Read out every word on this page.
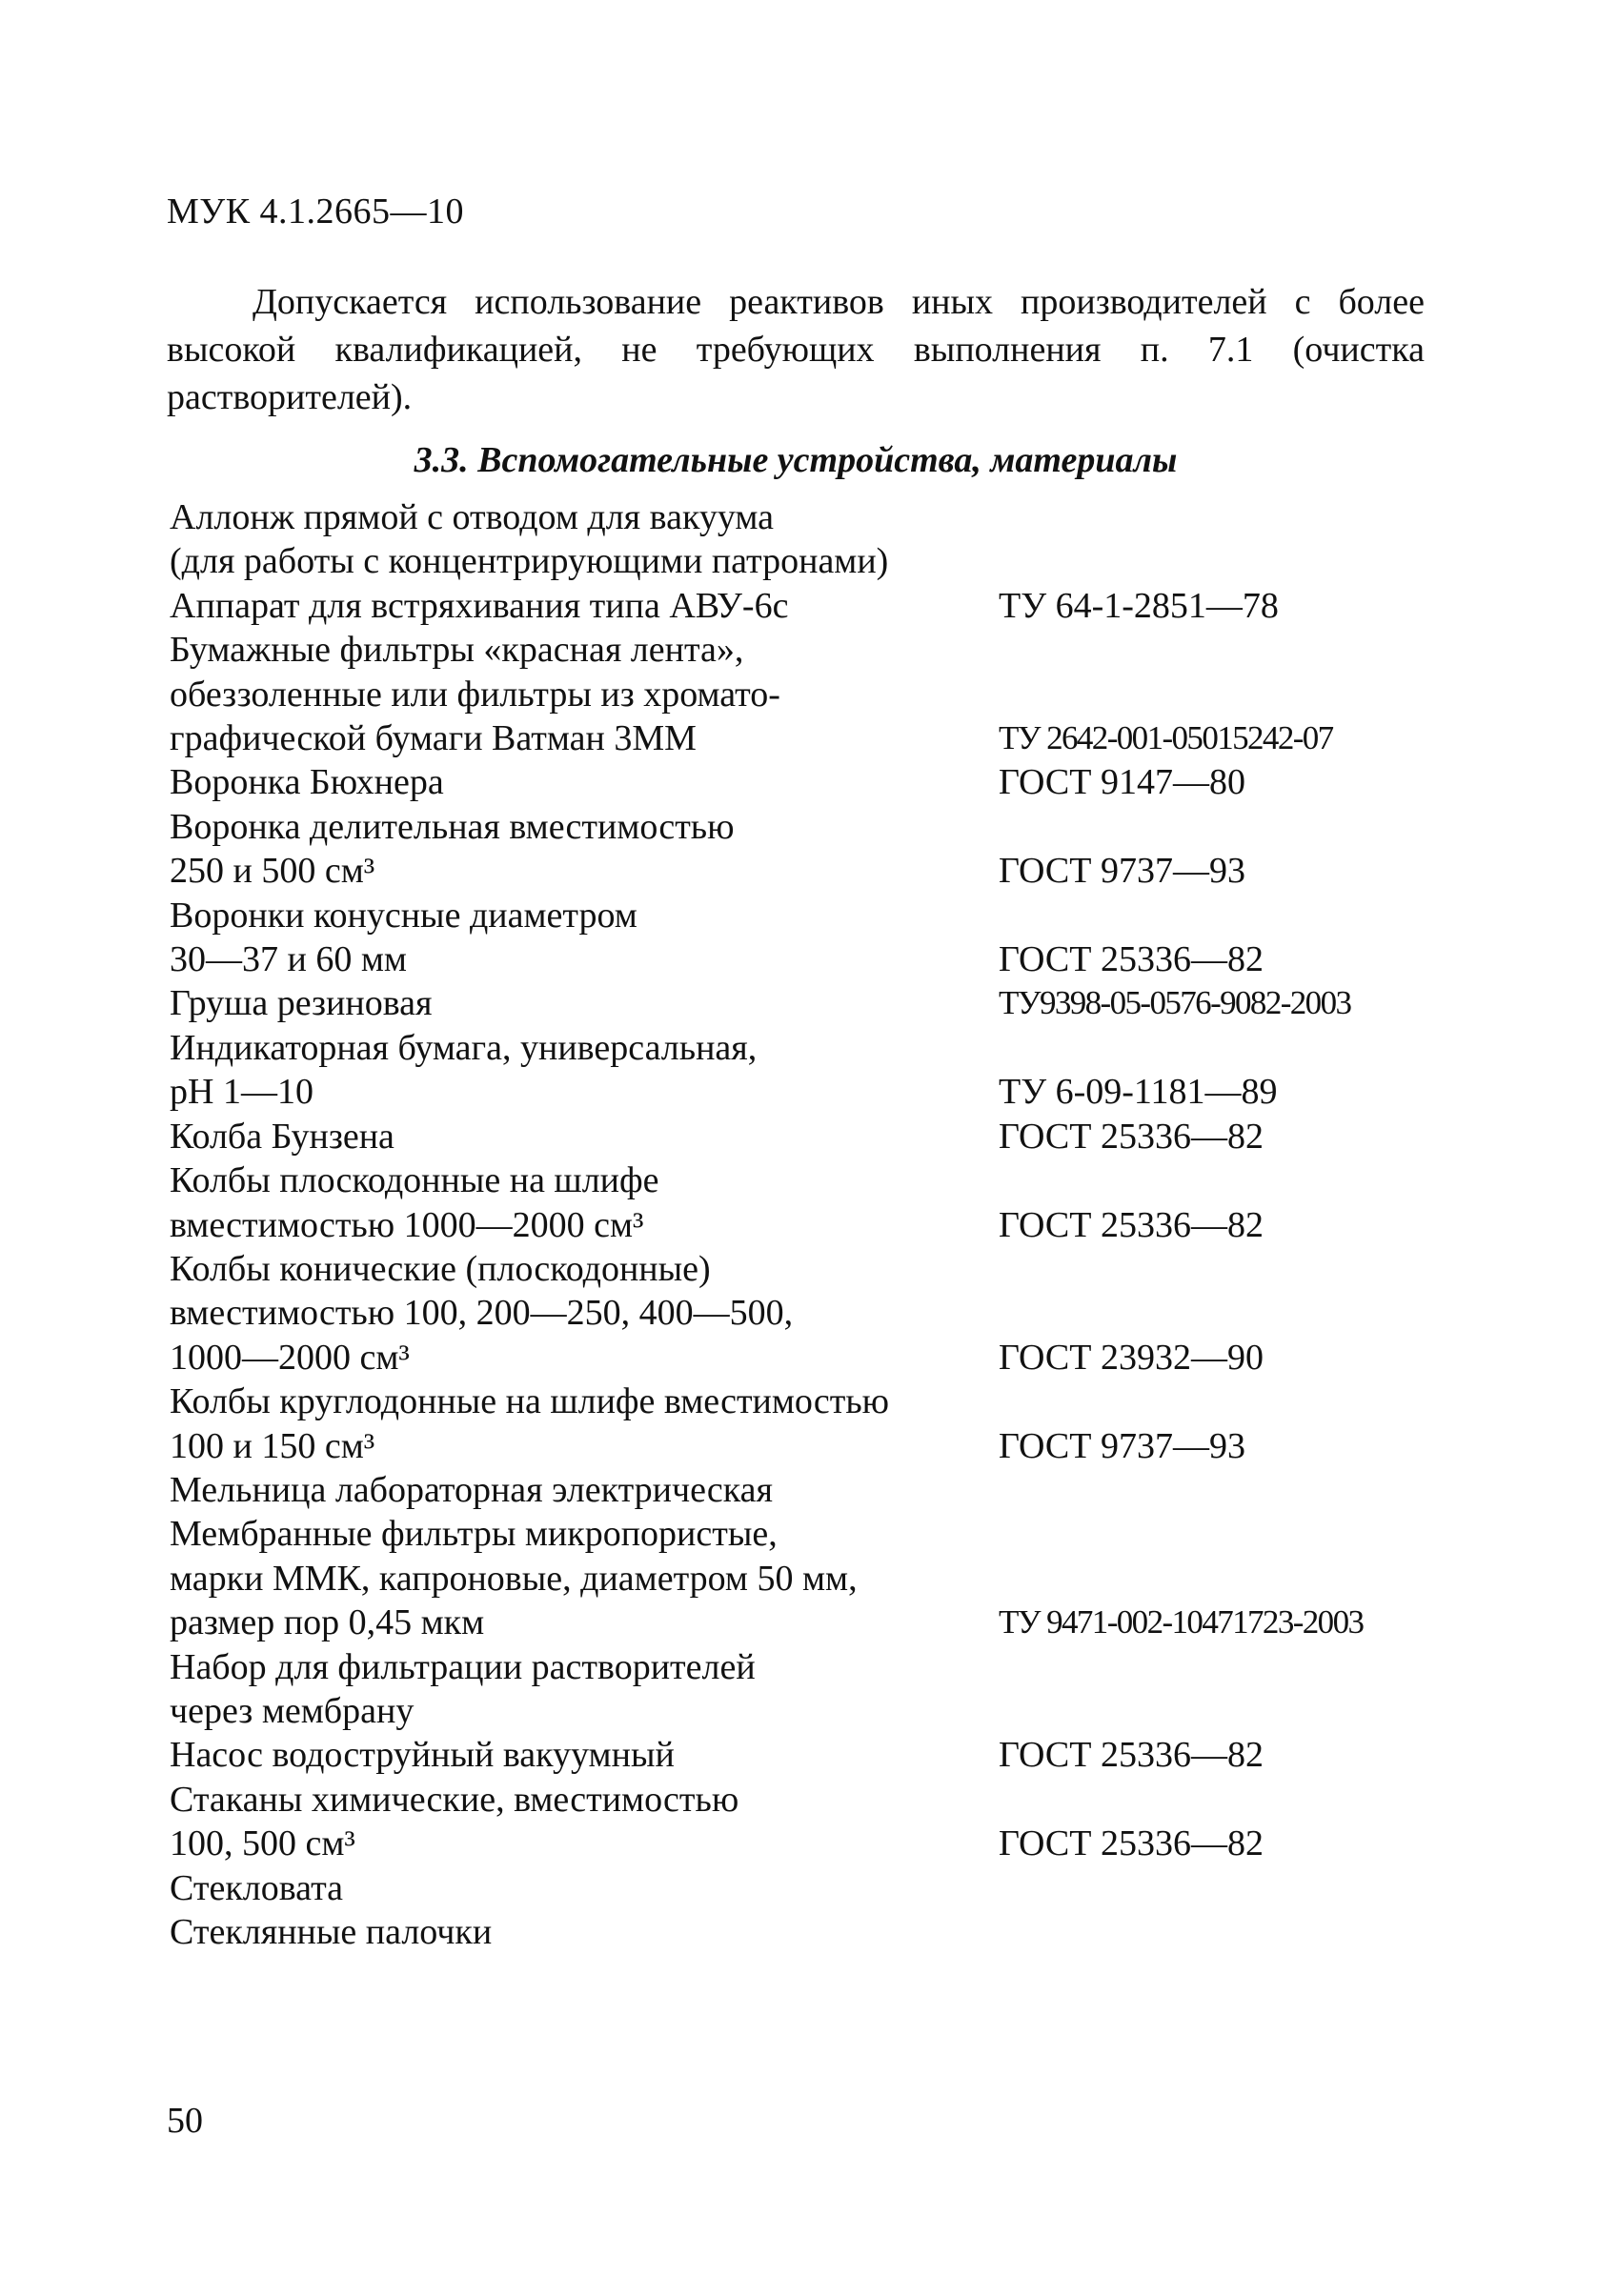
МУК 4.1.2665—10

Допускается использование реактивов иных производителей с более высокой квалификацией, не требующих выполнения п. 7.1 (очистка растворителей).

3.3. Вспомогательные устройства, материалы
Аллонж прямой с отводом для вакуума
(для работы с концентрирующими патронами)
Аппарат для встряхивания типа АВУ-6с	ТУ 64-1-2851—78
Бумажные фильтры «красная лента»,
обеззоленные или фильтры из хромато-
графической бумаги Ватман 3ММ	ТУ 2642-001-05015242-07
Воронка Бюхнера	ГОСТ 9147—80
Воронка делительная вместимостью
250 и 500 см³	ГОСТ 9737—93
Воронки конусные диаметром
30—37 и 60 мм	ГОСТ 25336—82
Груша резиновая	ТУ9398-05-0576-9082-2003
Индикаторная бумага, универсальная,
pH 1—10	ТУ 6-09-1181—89
Колба Бунзена	ГОСТ 25336—82
Колбы плоскодонные на шлифе
вместимостью 1000—2000 см³	ГОСТ 25336—82
Колбы конические (плоскодонные)
вместимостью 100, 200—250, 400—500,
1000—2000 см³	ГОСТ 23932—90
Колбы круглодонные на шлифе вместимостью
100 и 150 см³	ГОСТ 9737—93
Мельница лабораторная электрическая
Мембранные фильтры микропористые,
марки ММК, капроновые, диаметром 50 мм,
размер пор 0,45 мкм	ТУ 9471-002-10471723-2003
Набор для фильтрации растворителей
через мембрану
Насос водоструйный вакуумный	ГОСТ 25336—82
Стаканы химические, вместимостью
100, 500 см³	ГОСТ 25336—82
Стекловата
Стеклянные палочки
50
